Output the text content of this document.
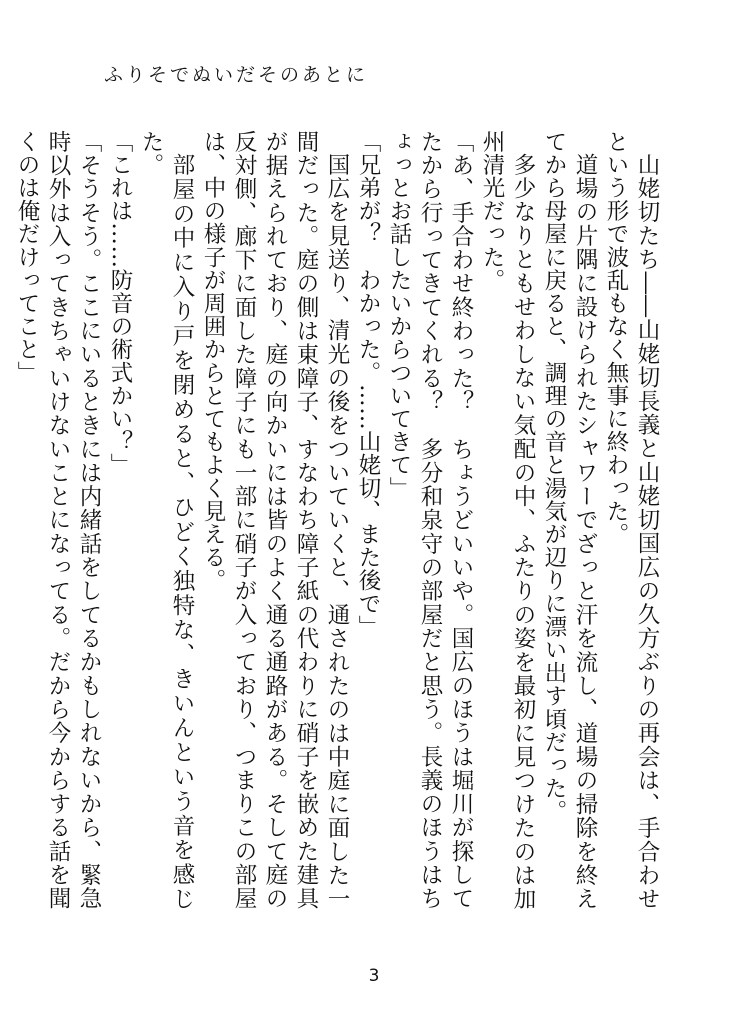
ふりそでぬいだそのあとに

山姥切たち――山姥切長義と山姥切国広の久方ぶりの再会は、手合わせという形で波乱もなく無事に終わった。

道場の片隅に設けられたシャワーでざっと汗を流し、道場の掃除を終えてから母屋に戻ると、調理の音と湯気が辺りに漂い出す頃だった。

多少なりともせわしない気配の中、ふたりの姿を最初に見つけたのは加州清光だった。

「あ、手合わせ終わった？　ちょうどいいや。国広のほうは堀川が探してたから行ってきてくれる？　多分和泉守の部屋だと思う。長義のほうはちょっとお話したいからついてきて」

「兄弟が？　わかった。……山姥切、また後で」

国広を見送り、清光の後をついていくと、通されたのは中庭に面した一間だった。庭の側は東障子、すなわち障子紙の代わりに硝子を嵌めた建具が据えられており、庭の向かいには皆のよく通る通路がある。そして庭の反対側、廊下に面した障子にも一部に硝子が入っており、つまりこの部屋は、中の様子が周囲からとてもよく見える。

部屋の中に入り戸を閉めると、ひどく独特な、きいんという音を感じた。

「これは……防音の術式かい？」

「そうそう。ここにいるときには内緒話をしてるかもしれないから、緊急時以外は入ってきちゃいけないことになってる。だから今からする話を聞くのは俺だけってこと」

3
